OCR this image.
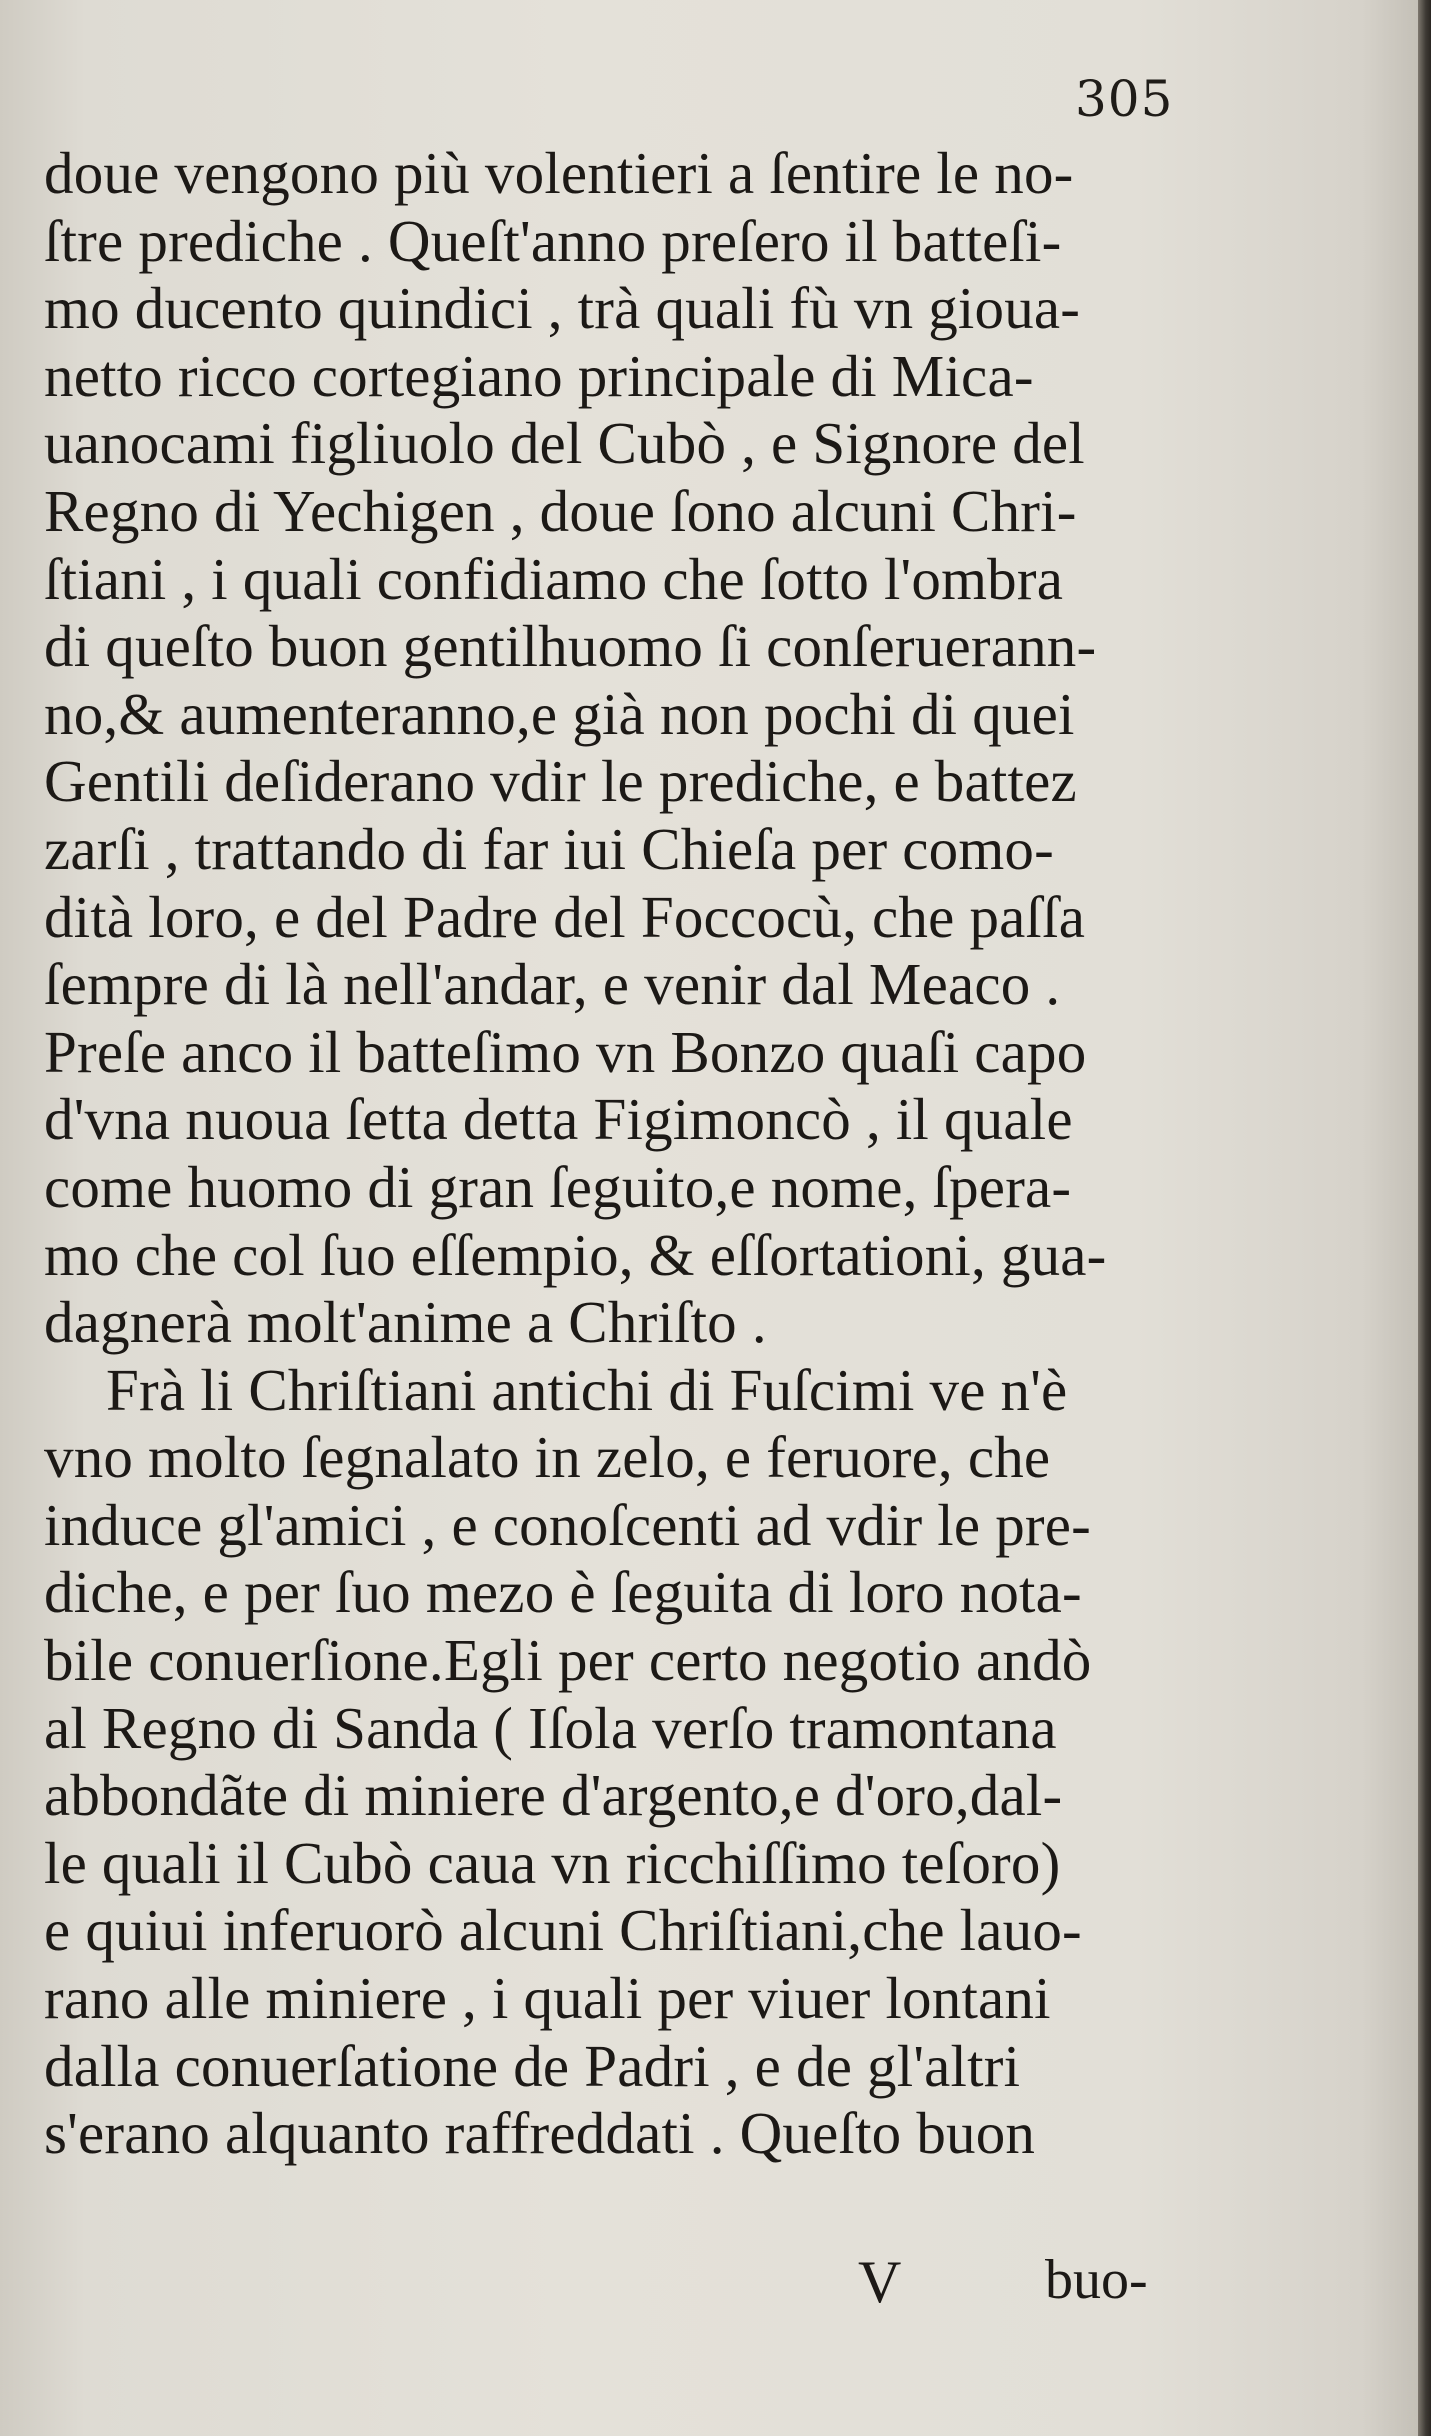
305
doue vengono più volentieri a ſentire le no-
ſtre prediche . Queſt'anno preſero il batteſi-
mo ducento quindici , trà quali fù vn gioua-
netto ricco cortegiano principale di Mica-
uanocami figliuolo del Cubò , e Signore del
Regno di Yechigen , doue ſono alcuni Chri-
ſtiani , i quali confidiamo che ſotto l'ombra
di queſto buon gentilhuomo ſi conſeruerann-
no,& aumenteranno,e già non pochi di quei
Gentili deſiderano vdir le prediche, e battez
zarſi , trattando di far iui Chieſa per como-
dità loro, e del Padre del Foccocù, che paſſa
ſempre di là nell'andar, e venir dal Meaco .
Preſe anco il batteſimo vn Bonzo quaſi capo
d'vna nuoua ſetta detta Figimoncò , il quale
come huomo di gran ſeguito,e nome, ſpera-
mo che col ſuo eſſempio, & eſſortationi, gua-
dagnerà molt'anime a Chriſto .
Frà li Chriſtiani antichi di Fuſcimi ve n'è
vno molto ſegnalato in zelo, e feruore, che
induce gl'amici , e conoſcenti ad vdir le pre-
diche, e per ſuo mezo è ſeguita di loro nota-
bile conuerſione.Egli per certo negotio andò
al Regno di Sanda ( Iſola verſo tramontana
abbondãte di miniere d'argento,e d'oro,dal-
le quali il Cubò caua vn ricchiſſimo teſoro)
e quiui inferuorò alcuni Chriſtiani,che lauo-
rano alle miniere , i quali per viuer lontani
dalla conuerſatione de Padri , e de gl'altri
s'erano alquanto raffreddati . Queſto buon
V	buo-
